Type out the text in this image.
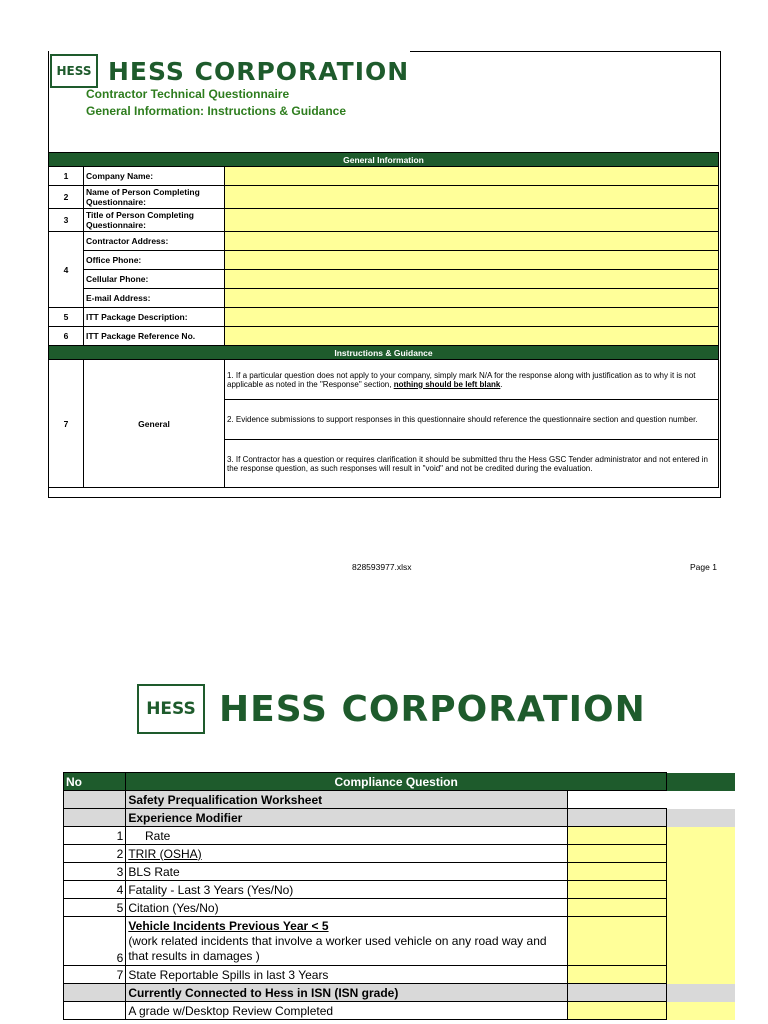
HESS HESS CORPORATION
Contractor Technical Questionnaire
General Information: Instructions & Guidance
General Information		
1	Company Name:	
2	Name of Person Completing Questionnaire:	
3	Title of Person Completing Questionnaire:	
4	Contractor Address:	
	Office Phone:	
	Cellular Phone:	
	E-mail Address:	
5	ITT Package Description:	
6	ITT Package Reference No.	
Instructions & Guidance		
7	General	1. If a particular question does not apply to your company, simply mark N/A for the response along with justification as to why it is not applicable as noted in the "Response" section, nothing should be left blank.
		2. Evidence submissions to support responses in this questionnaire should reference the questionnaire section and question number.
		3. If Contractor has a question or requires clarification it should be submitted thru the Hess GSC Tender administrator and not entered in the response question, as such responses will result in "void" and not be credited during the evaluation.
828593977.xlsx	Page 1
HESS HESS CORPORATION
No	Compliance Question		
	Safety Prequalification Worksheet		
	Experience Modifier		
1	Rate		
2	TRIR (OSHA)		
3	BLS Rate		
4	Fatality - Last 3 Years (Yes/No)		
5	Citation (Yes/No)		
6	Vehicle Incidents Previous Year < 5
(work related incidents that involve a worker used vehicle on any road way and that results in damages )		

7	State Reportable Spills in last 3 Years		
	Currently Connected to Hess in ISN (ISN grade)		
	A grade w/Desktop Review Completed		
